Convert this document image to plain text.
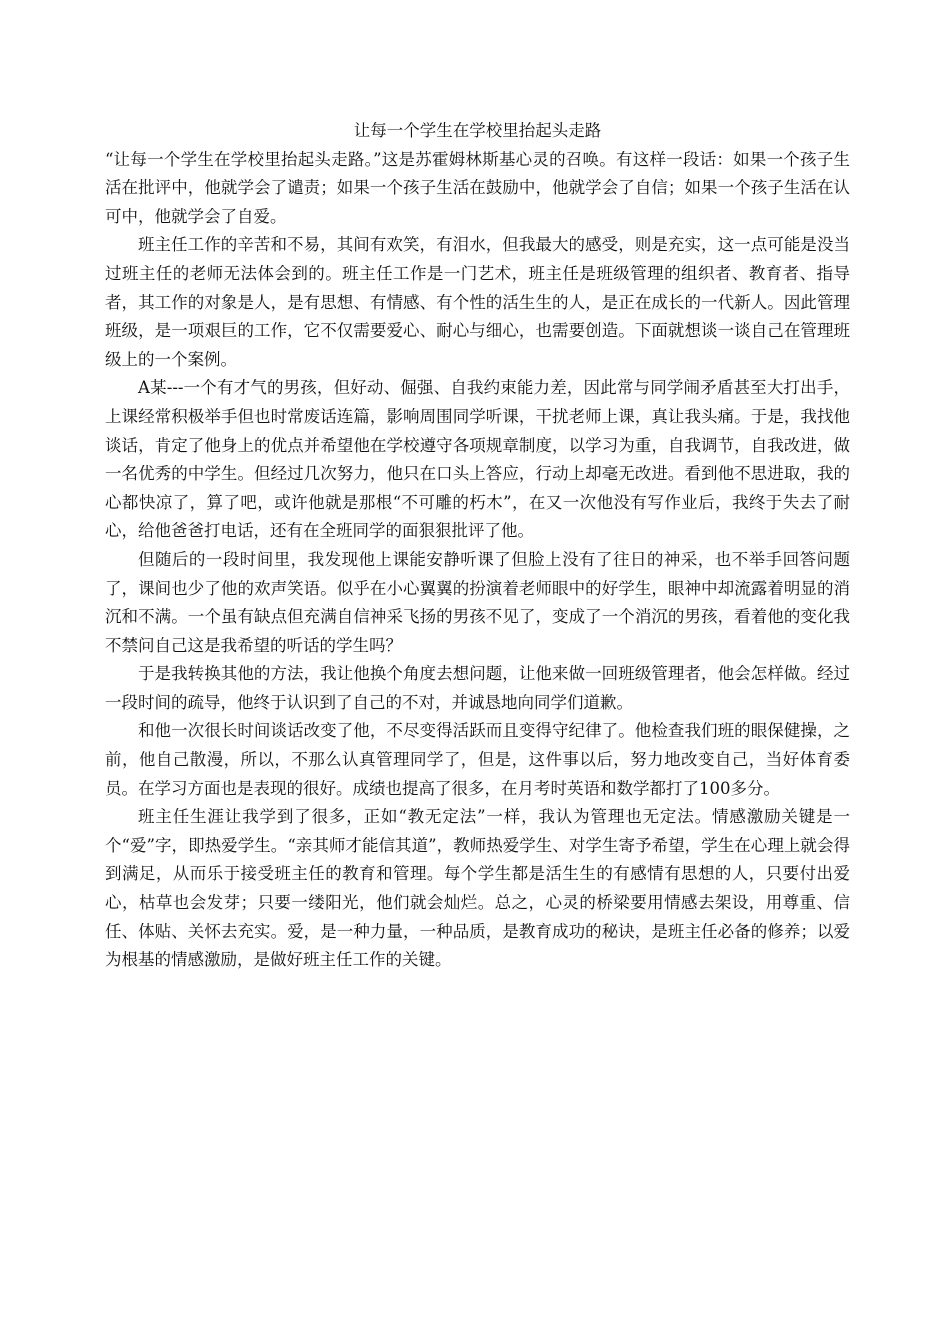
让每一个学生在学校里抬起头走路

“让每一个学生在学校里抬起头走路。”这是苏霍姆林斯基心灵的召唤。有这样一段话：如果一个孩子生活在批评中，他就学会了谴责；如果一个孩子生活在鼓励中，他就学会了自信；如果一个孩子生活在认可中，他就学会了自爱。

班主任工作的辛苦和不易，其间有欢笑，有泪水，但我最大的感受，则是充实，这一点可能是没当过班主任的老师无法体会到的。班主任工作是一门艺术，班主任是班级管理的组织者、教育者、指导者，其工作的对象是人，是有思想、有情感、有个性的活生生的人，是正在成长的一代新人。因此管理班级，是一项艰巨的工作，它不仅需要爱心、耐心与细心，也需要创造。下面就想谈一谈自己在管理班级上的一个案例。

A某---一个有才气的男孩，但好动、倔强、自我约束能力差，因此常与同学闹矛盾甚至大打出手，上课经常积极举手但也时常废话连篇，影响周围同学听课，干扰老师上课，真让我头痛。于是，我找他谈话，肯定了他身上的优点并希望他在学校遵守各项规章制度，以学习为重，自我调节，自我改进，做一名优秀的中学生。但经过几次努力，他只在口头上答应，行动上却毫无改进。看到他不思进取，我的心都快凉了，算了吧，或许他就是那根“不可雕的朽木”，在又一次他没有写作业后，我终于失去了耐心，给他爸爸打电话，还有在全班同学的面狠狠批评了他。

但随后的一段时间里，我发现他上课能安静听课了但脸上没有了往日的神采，也不举手回答问题了，课间也少了他的欢声笑语。似乎在小心翼翼的扮演着老师眼中的好学生，眼神中却流露着明显的消沉和不满。一个虽有缺点但充满自信神采飞扬的男孩不见了，变成了一个消沉的男孩，看着他的变化我不禁问自己这是我希望的听话的学生吗？

于是我转换其他的方法，我让他换个角度去想问题，让他来做一回班级管理者，他会怎样做。经过一段时间的疏导，他终于认识到了自己的不对，并诚恳地向同学们道歉。

和他一次很长时间谈话改变了他，不尽变得活跃而且变得守纪律了。他检查我们班的眼保健操，之前，他自己散漫，所以，不那么认真管理同学了，但是，这件事以后，努力地改变自己，当好体育委员。在学习方面也是表现的很好。成绩也提高了很多，在月考时英语和数学都打了100多分。

班主任生涯让我学到了很多，正如“教无定法”一样，我认为管理也无定法。情感激励关键是一个“爱”字，即热爱学生。“亲其师才能信其道”，教师热爱学生、对学生寄予希望，学生在心理上就会得到满足，从而乐于接受班主任的教育和管理。每个学生都是活生生的有感情有思想的人，只要付出爱心，枯草也会发芽；只要一缕阳光，他们就会灿烂。总之，心灵的桥梁要用情感去架设，用尊重、信任、体贴、关怀去充实。爱，是一种力量，一种品质，是教育成功的秘诀，是班主任必备的修养；以爱为根基的情感激励，是做好班主任工作的关键。
